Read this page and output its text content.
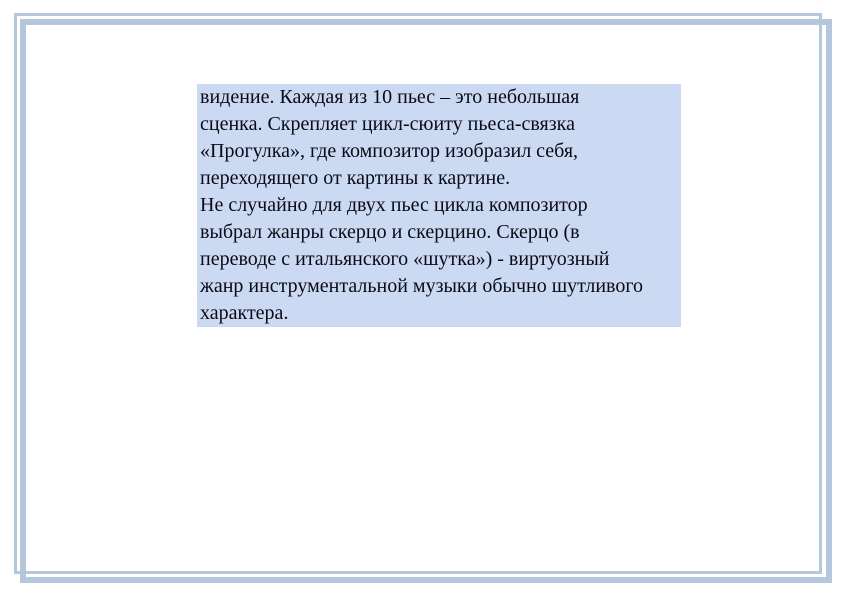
видение. Каждая из 10 пьес – это небольшая
сценка. Скрепляет цикл-сюиту пьеса-связка
«Прогулка», где композитор изобразил себя,
переходящего от картины к картине.
Не случайно для двух пьес цикла композитор
выбрал жанры скерцо и скерцино. Скерцо (в
переводе с итальянского «шутка») - виртуозный
жанр инструментальной музыки обычно шутливого
характера.
